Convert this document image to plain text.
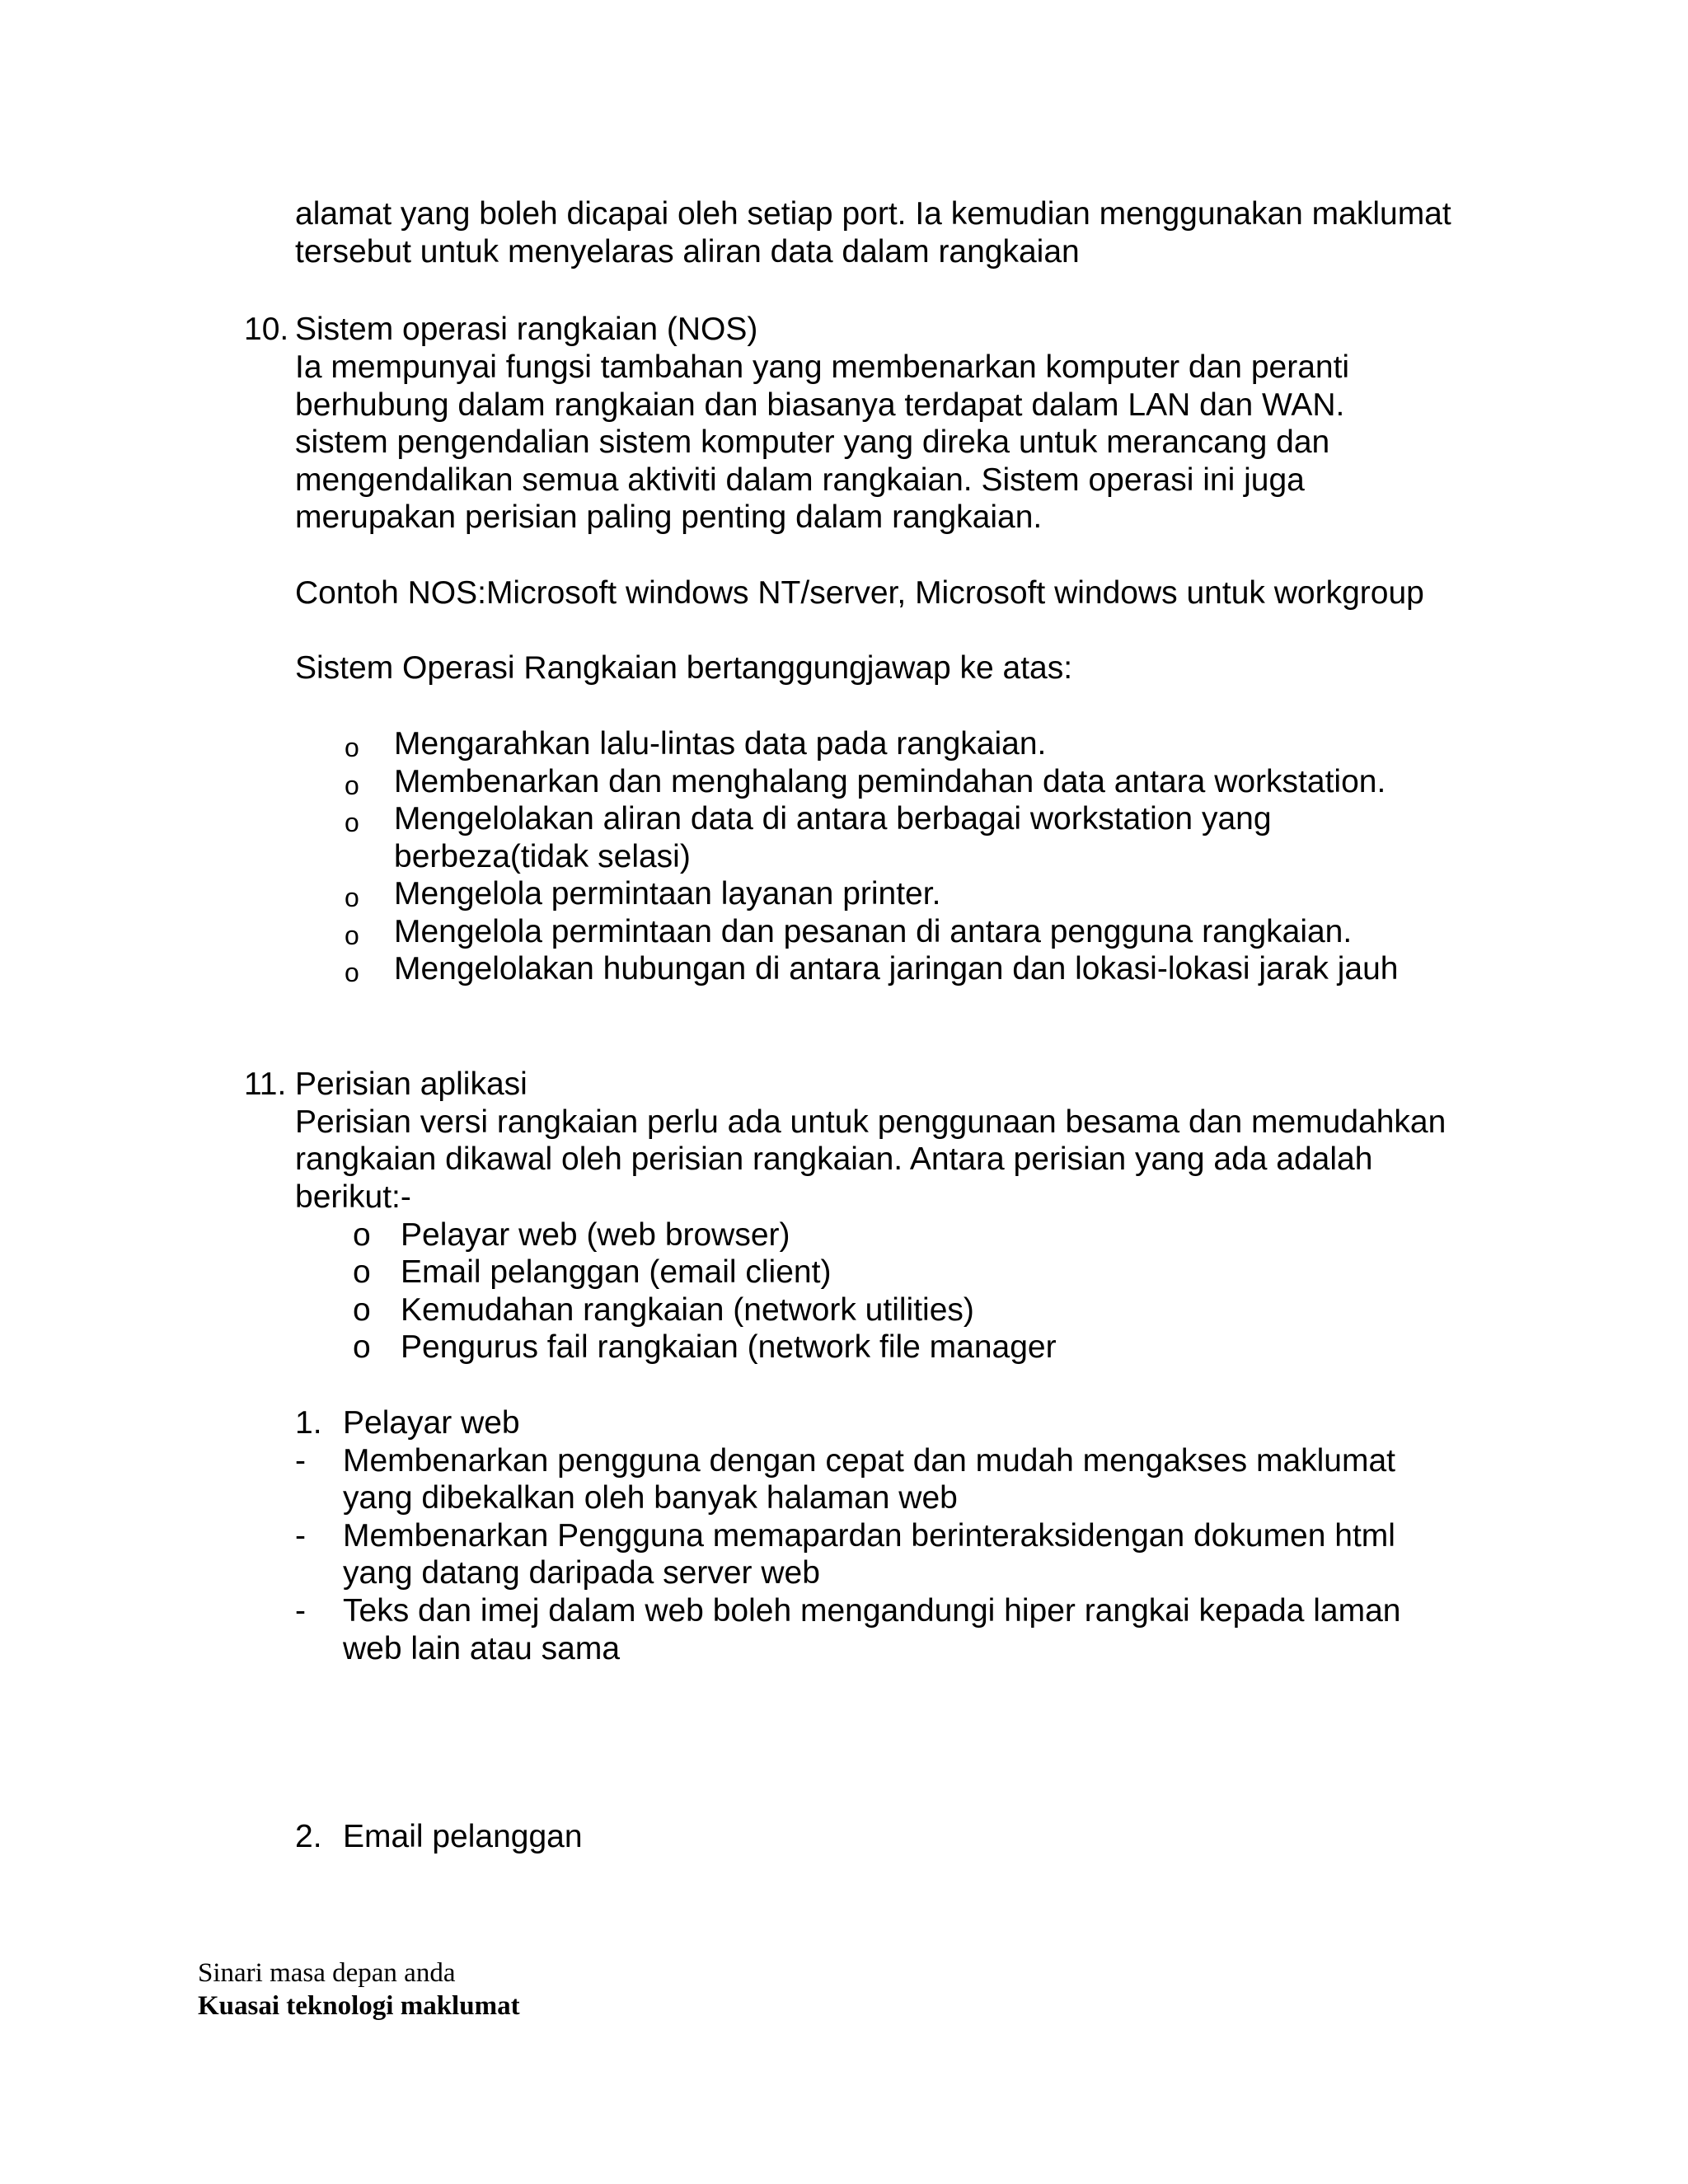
alamat yang boleh dicapai oleh setiap port. Ia kemudian menggunakan maklumat
tersebut untuk menyelaras aliran data dalam rangkaian
10. Sistem operasi rangkaian (NOS)
Ia mempunyai fungsi tambahan yang membenarkan komputer dan peranti
berhubung dalam rangkaian dan biasanya terdapat dalam LAN dan WAN.
sistem pengendalian sistem komputer yang direka untuk merancang dan
mengendalikan semua aktiviti dalam rangkaian. Sistem operasi ini juga
merupakan perisian paling penting dalam rangkaian.
Contoh NOS:Microsoft windows NT/server, Microsoft windows untuk workgroup
Sistem Operasi Rangkaian bertanggungjawap ke atas:
o Mengarahkan lalu-lintas data pada rangkaian.
o Membenarkan dan menghalang pemindahan data antara workstation.
o Mengelolakan aliran data di antara berbagai workstation yang
berbeza(tidak selasi)
o Mengelola permintaan layanan printer.
o Mengelola permintaan dan pesanan di antara pengguna rangkaian.
o Mengelolakan hubungan di antara jaringan dan lokasi-lokasi jarak jauh
11. Perisian aplikasi
Perisian versi rangkaian perlu ada untuk penggunaan besama dan memudahkan
rangkaian dikawal oleh perisian rangkaian. Antara perisian yang ada adalah
berikut:-
o Pelayar web (web browser)
o Email pelanggan (email client)
o Kemudahan rangkaian (network utilities)
o Pengurus fail rangkaian (network file manager
1. Pelayar web
- Membenarkan pengguna dengan cepat dan mudah mengakses maklumat
yang dibekalkan oleh banyak halaman web
- Membenarkan Pengguna memapardan berinteraksidengan dokumen html
yang datang daripada server web
- Teks dan imej dalam web boleh mengandungi hiper rangkai kepada laman
web lain atau sama
2. Email pelanggan
Sinari masa depan anda
Kuasai teknologi maklumat
